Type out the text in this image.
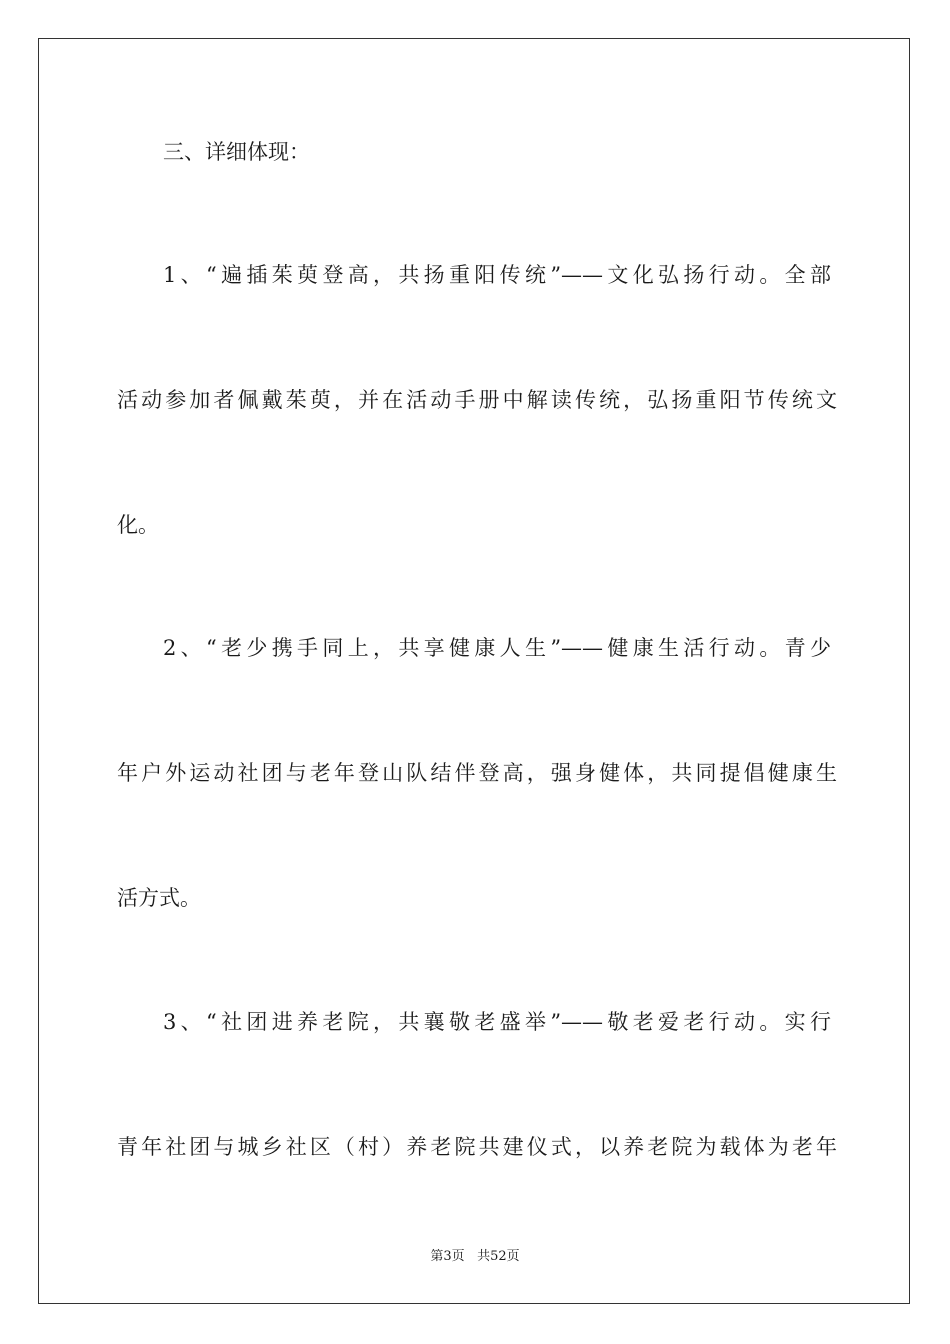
三、详细体现：

1、“遍插茱萸登高，共扬重阳传统”——文化弘扬行动。全部

活动参加者佩戴茱萸，并在活动手册中解读传统，弘扬重阳节传统文

化。

2、“老少携手同上，共享健康人生”——健康生活行动。青少

年户外运动社团与老年登山队结伴登高，强身健体，共同提倡健康生

活方式。

3、“社团进养老院，共襄敬老盛举”——敬老爱老行动。实行

青年社团与城乡社区（村）养老院共建仪式，以养老院为载体为老年

第3页 共52页
